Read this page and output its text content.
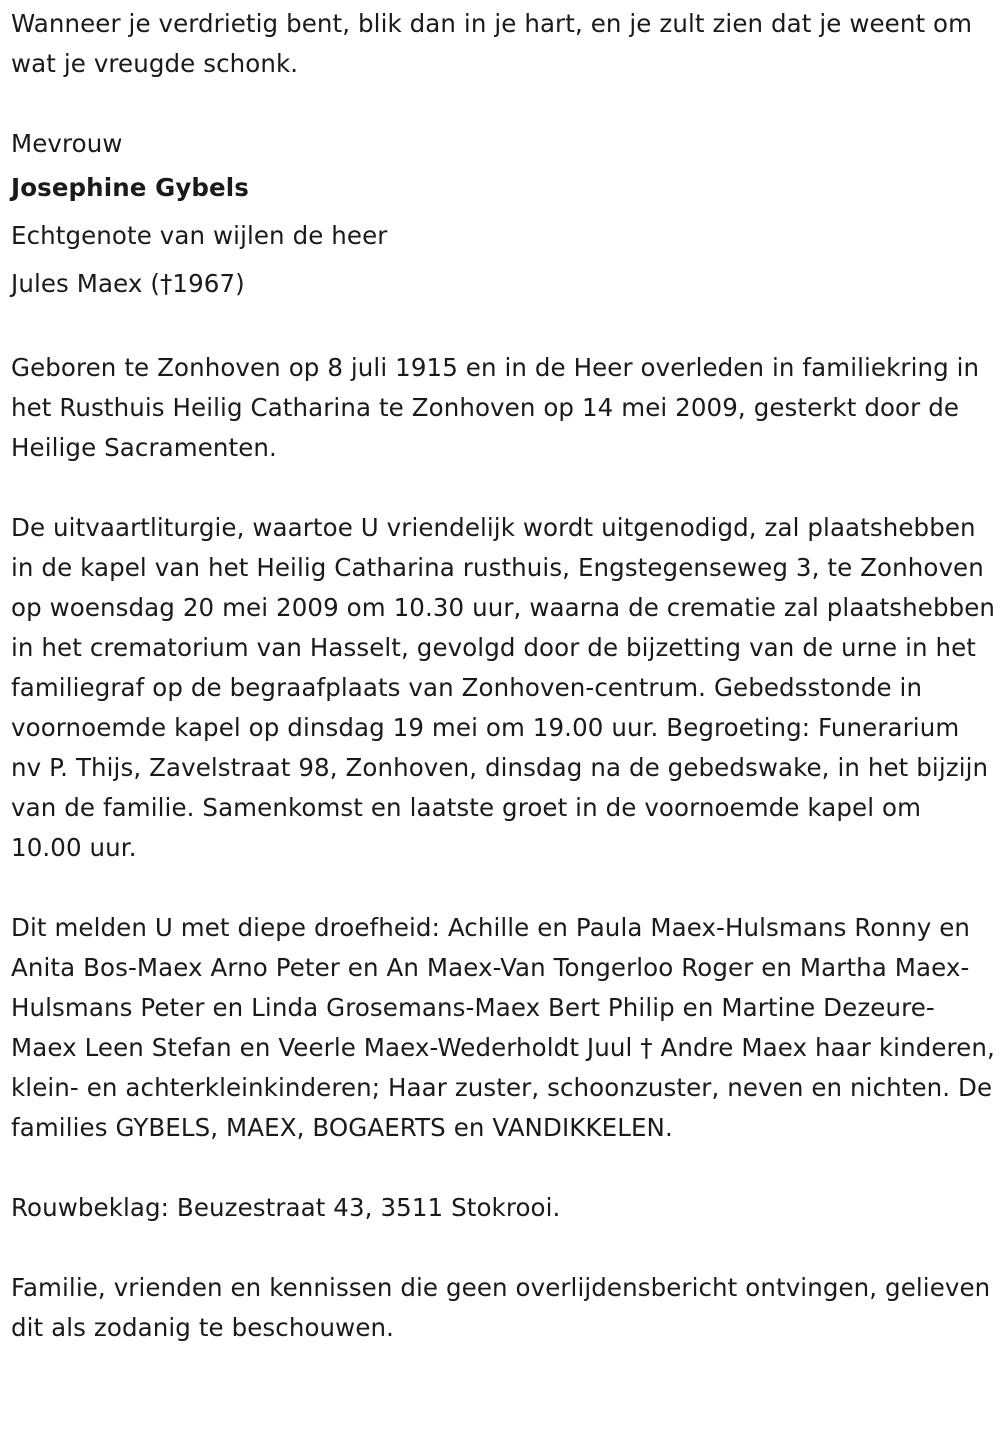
Wanneer je verdrietig bent, blik dan in je hart, en je zult zien dat je weent om wat je vreugde schonk.

Mevrouw

Josephine Gybels

Echtgenote van wijlen de heer

Jules Maex (†1967)

Geboren te Zonhoven op 8 juli 1915 en in de Heer overleden in familiekring in het Rusthuis Heilig Catharina te Zonhoven op 14 mei 2009, gesterkt door de Heilige Sacramenten.

De uitvaartliturgie, waartoe U vriendelijk wordt uitgenodigd, zal plaatshebben in de kapel van het Heilig Catharina rusthuis, Engstegenseweg 3, te Zonhoven op woensdag 20 mei 2009 om 10.30 uur, waarna de crematie zal plaatshebben in het crematorium van Hasselt, gevolgd door de bijzetting van de urne in het familiegraf op de begraafplaats van Zonhoven-centrum. Gebedsstonde in voornoemde kapel op dinsdag 19 mei om 19.00 uur. Begroeting: Funerarium nv P. Thijs, Zavelstraat 98, Zonhoven, dinsdag na de gebedswake, in het bijzijn van de familie. Samenkomst en laatste groet in de voornoemde kapel om 10.00 uur.

Dit melden U met diepe droefheid: Achille en Paula Maex-Hulsmans Ronny en Anita Bos-Maex Arno Peter en An Maex-Van Tongerloo Roger en Martha Maex-Hulsmans Peter en Linda Grosemans-Maex Bert Philip en Martine Dezeure-Maex Leen Stefan en Veerle Maex-Wederholdt Juul † Andre Maex haar kinderen, klein- en achterkleinkinderen; Haar zuster, schoonzuster, neven en nichten. De families GYBELS, MAEX, BOGAERTS en VANDIKKELEN.

Rouwbeklag: Beuzestraat 43, 3511 Stokrooi.

Familie, vrienden en kennissen die geen overlijdensbericht ontvingen, gelieven dit als zodanig te beschouwen.
